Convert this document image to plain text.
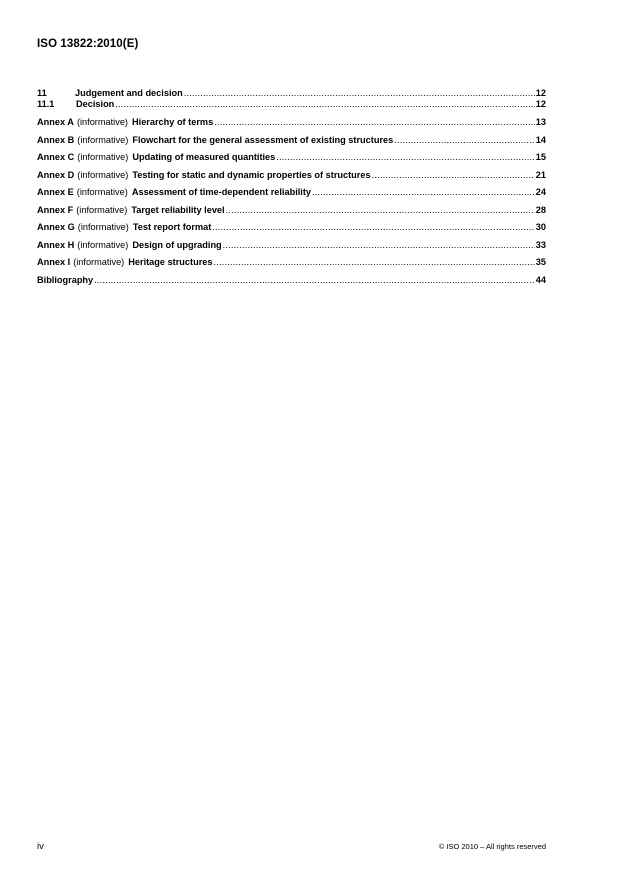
ISO 13822:2010(E)
11	Judgement and decision .....	12
11.1	Decision .....	12
Annex A (informative) Hierarchy of terms .....	13
Annex B (informative) Flowchart for the general assessment of existing structures .....	14
Annex C (informative) Updating of measured quantities .....	15
Annex D (informative) Testing for static and dynamic properties of structures .....	21
Annex E (informative) Assessment of time-dependent reliability .....	24
Annex F (informative) Target reliability level .....	28
Annex G (informative) Test report format .....	30
Annex H (informative) Design of upgrading .....	33
Annex I (informative) Heritage structures .....	35
Bibliography .....	44
iv	© ISO 2010 – All rights reserved
